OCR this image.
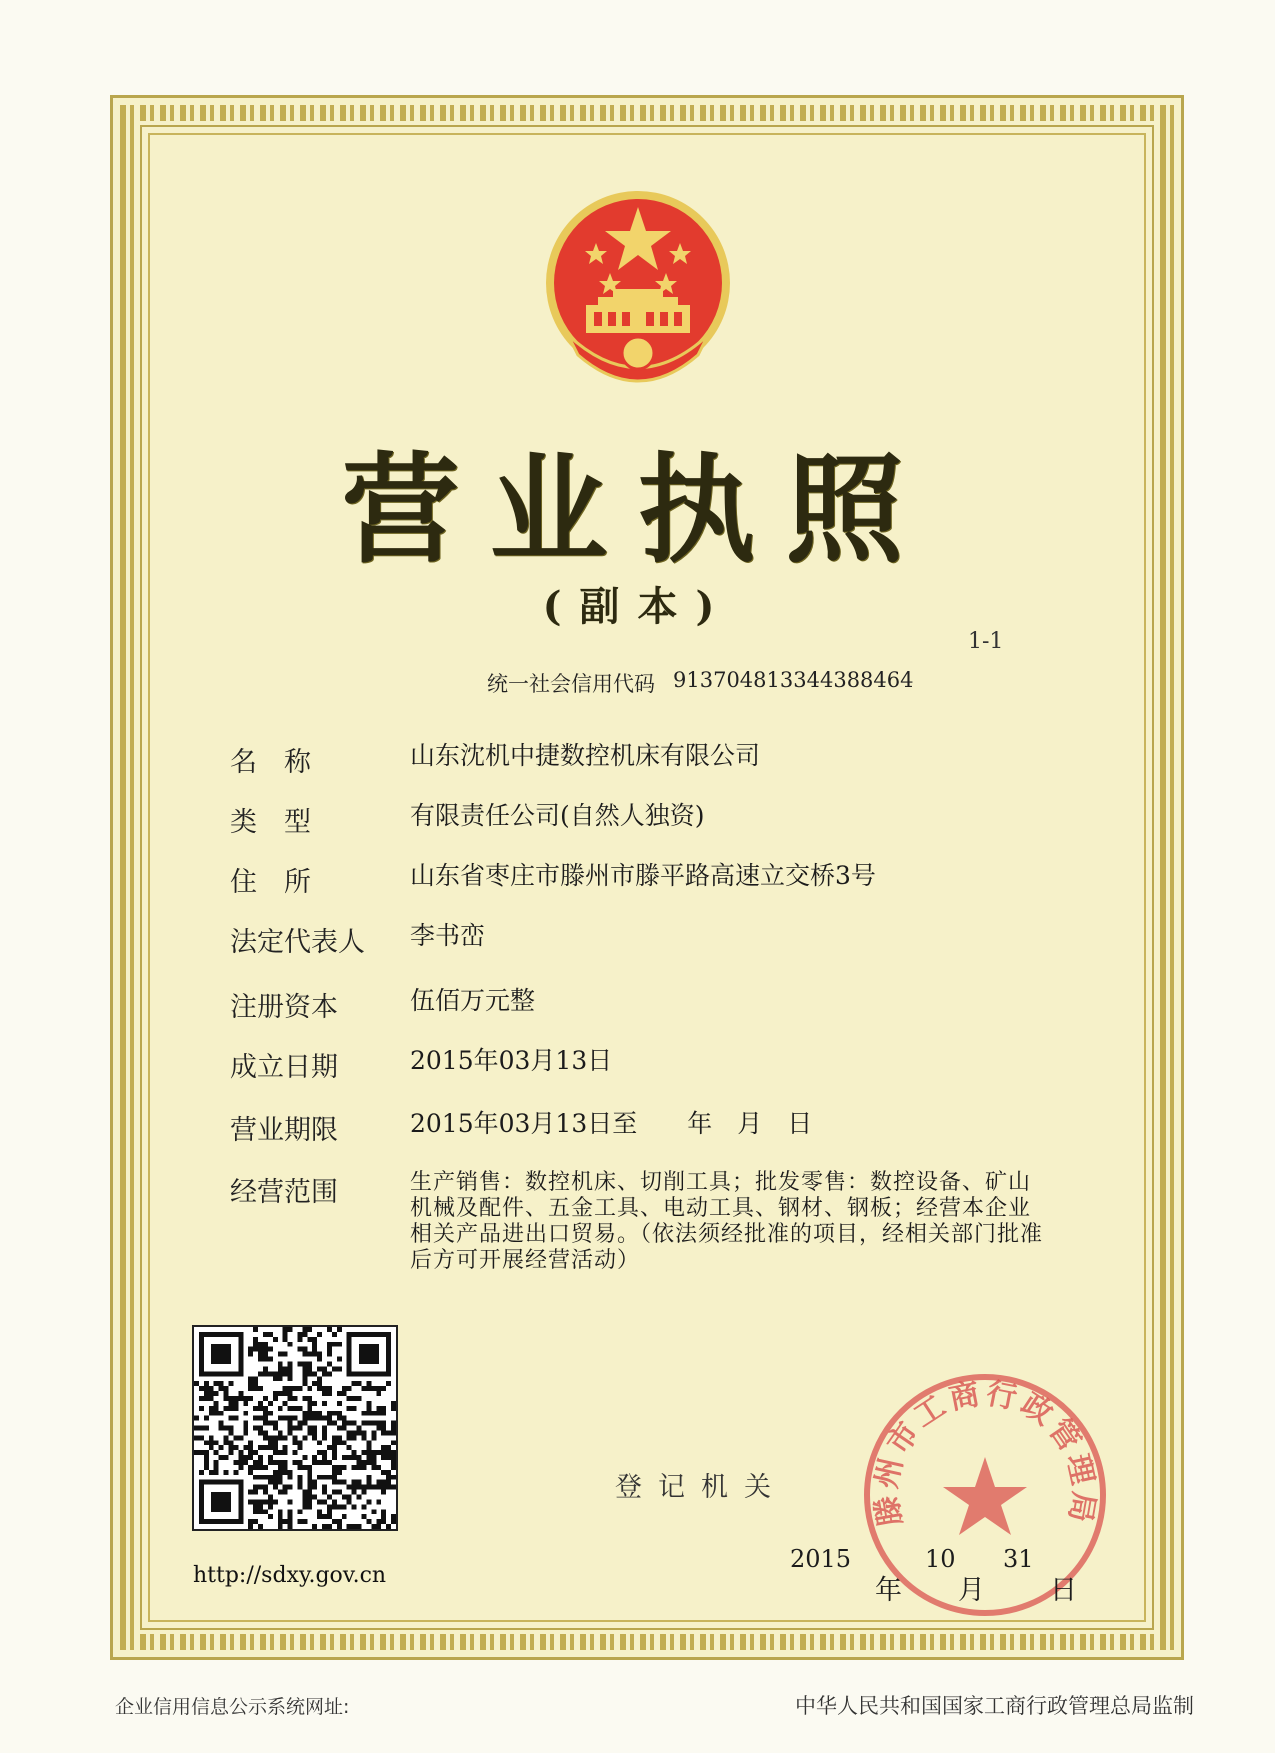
营业执照
(副本)
1-1
统一社会信用代码 913704813344388464
名　称	山东沈机中捷数控机床有限公司
类　型	有限责任公司(自然人独资)
住　所	山东省枣庄市滕州市滕平路高速立交桥3号
法定代表人 李书峦
注册资本	伍佰万元整
成立日期	2015年03月13日
营业期限	2015年03月13日至　　年　月　日
经营范围	生产销售：数控机床、切削工具；批发零售：数控设备、矿山机械及配件、五金工具、电动工具、钢材、钢板；经营本企业相关产品进出口贸易。（依法须经批准的项目，经相关部门批准后方可开展经营活动）
http://sdxy.gov.cn
登记机关
滕州市工商行政管理局
2015	10 31
年 月 日
企业信用信息公示系统网址:	中华人民共和国国家工商行政管理总局监制
